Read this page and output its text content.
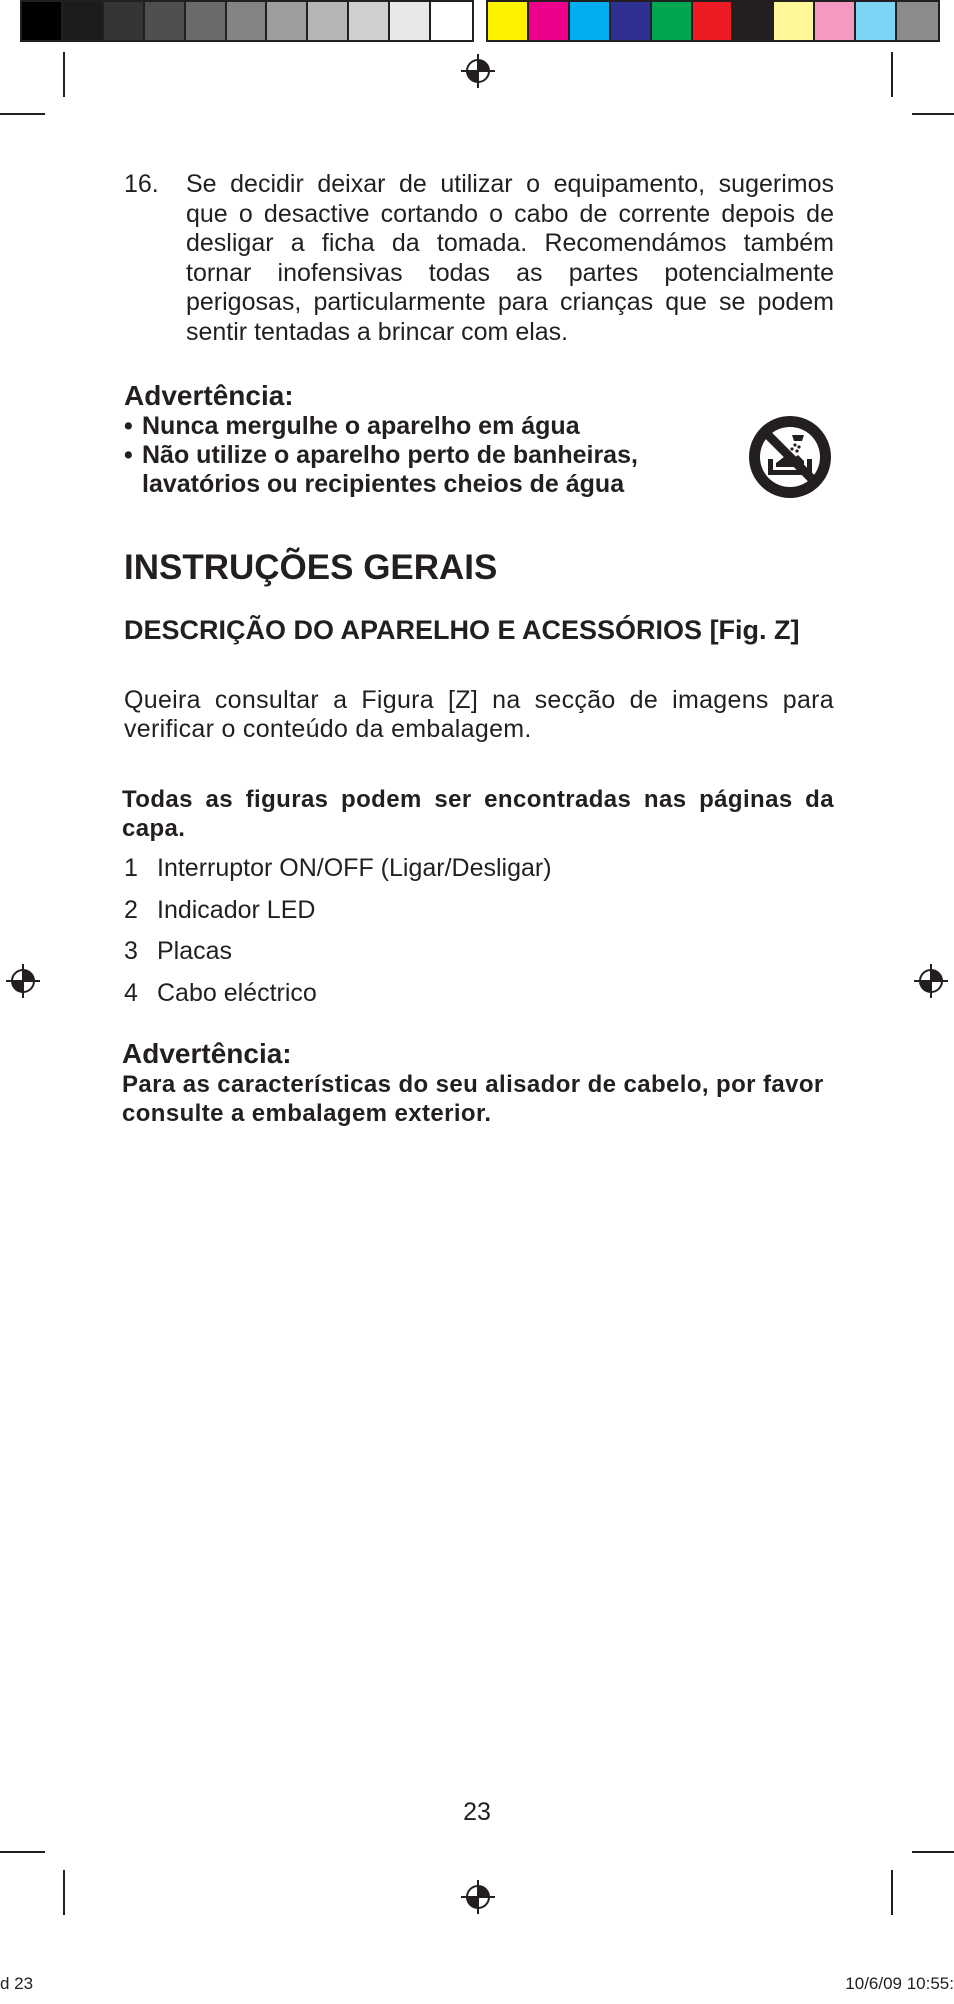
16.	Se decidir deixar de utilizar o equipamento, sugerimos que o desactive cortando o cabo de corrente depois de desligar a ficha da tomada. Recomendámos também tornar inofensivas todas as partes potencialmente perigosas, particularmente para crianças que se podem sentir tentadas a brincar com elas.

Advertência:

• Nunca mergulhe o aparelho em água
• Não utilize o aparelho perto de banheiras, lavatórios ou recipientes cheios de água
INSTRUÇÕES GERAIS
DESCRIÇÃO DO APARELHO E ACESSÓRIOS [Fig. Z]
Queira consultar a Figura [Z] na secção de imagens para verificar o conteúdo da embalagem.
Todas as figuras podem ser encontradas nas páginas da capa.
1 Interruptor ON/OFF (Ligar/Desligar)
2 Indicador LED
3 Placas
4 Cabo eléctrico

Advertência:

Para as características do seu alisador de cabelo, por favor consulte a embalagem exterior.
23
d 23	10/6/09 10:55:
